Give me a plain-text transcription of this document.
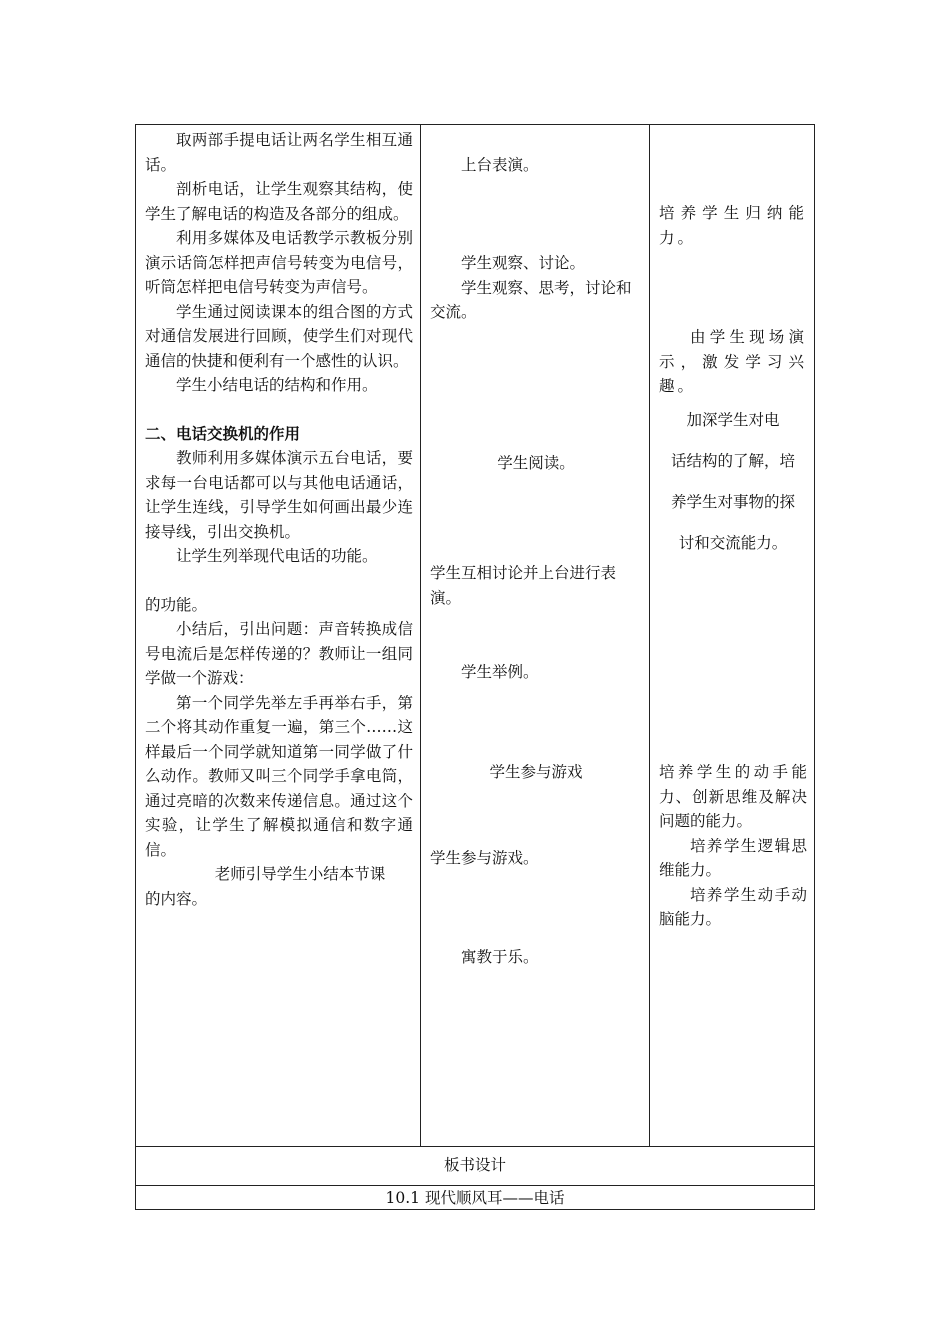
取两部手提电话让两名学生相互通话。

剖析电话，让学生观察其结构，使学生了解电话的构造及各部分的组成。

利用多媒体及电话教学示教板分别演示话筒怎样把声信号转变为电信号，听筒怎样把电信号转变为声信号。

学生通过阅读课本的组合图的方式对通信发展进行回顾，使学生们对现代通信的快捷和便利有一个感性的认识。

学生小结电话的结构和作用。

二、电话交换机的作用

教师利用多媒体演示五台电话，要求每一台电话都可以与其他电话通话，让学生连线，引导学生如何画出最少连接导线，引出交换机。

让学生列举现代电话的功能。

的功能。

小结后，引出问题：声音转换成信号电流后是怎样传递的？教师让一组同学做一个游戏：

第一个同学先举左手再举右手，第二个将其动作重复一遍，第三个……这样最后一个同学就知道第一同学做了什么动作。教师又叫三个同学手拿电筒，通过亮暗的次数来传递信息。通过这个实验，让学生了解模拟通信和数字通信。

老师引导学生小结本节课

的内容。

上台表演。

学生观察、讨论。

学生观察、思考，讨论和交流。

学生阅读。

学生互相讨论并上台进行表演。

学生举例。

学生参与游戏

学生参与游戏。

寓教于乐。

培养学生归纳能力。

由学生现场演示，激发学习兴趣。

加深学生对电

话结构的了解，培

养学生对事物的探

讨和交流能力。

培养学生的动手能力、创新思维及解决问题的能力。

培养学生逻辑思维能力。

培养学生动手动脑能力。

板书设计
10.1 现代顺风耳——电话
